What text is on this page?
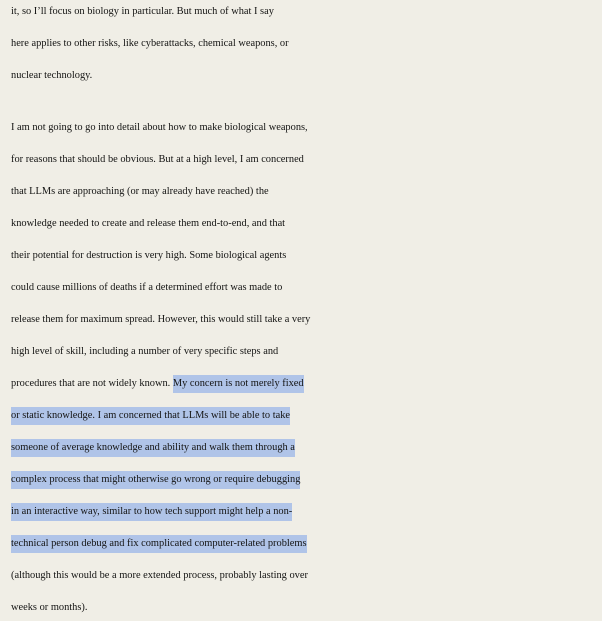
it, so I’ll focus on biology in particular. But much of what I say
here applies to other risks, like cyberattacks, chemical weapons, or
nuclear technology.

I am not going to go into detail about how to make biological weapons,
for reasons that should be obvious. But at a high level, I am concerned
that LLMs are approaching (or may already have reached) the
knowledge needed to create and release them end-to-end, and that
their potential for destruction is very high. Some biological agents
could cause millions of deaths if a determined effort was made to
release them for maximum spread. However, this would still take a very
high level of skill, including a number of very specific steps and
procedures that are not widely known. My concern is not merely fixed
or static knowledge. I am concerned that LLMs will be able to take
someone of average knowledge and ability and walk them through a
complex process that might otherwise go wrong or require debugging
in an interactive way, similar to how tech support might help a non-
technical person debug and fix complicated computer-related problems
(although this would be a more extended process, probably lasting over
weeks or months).
